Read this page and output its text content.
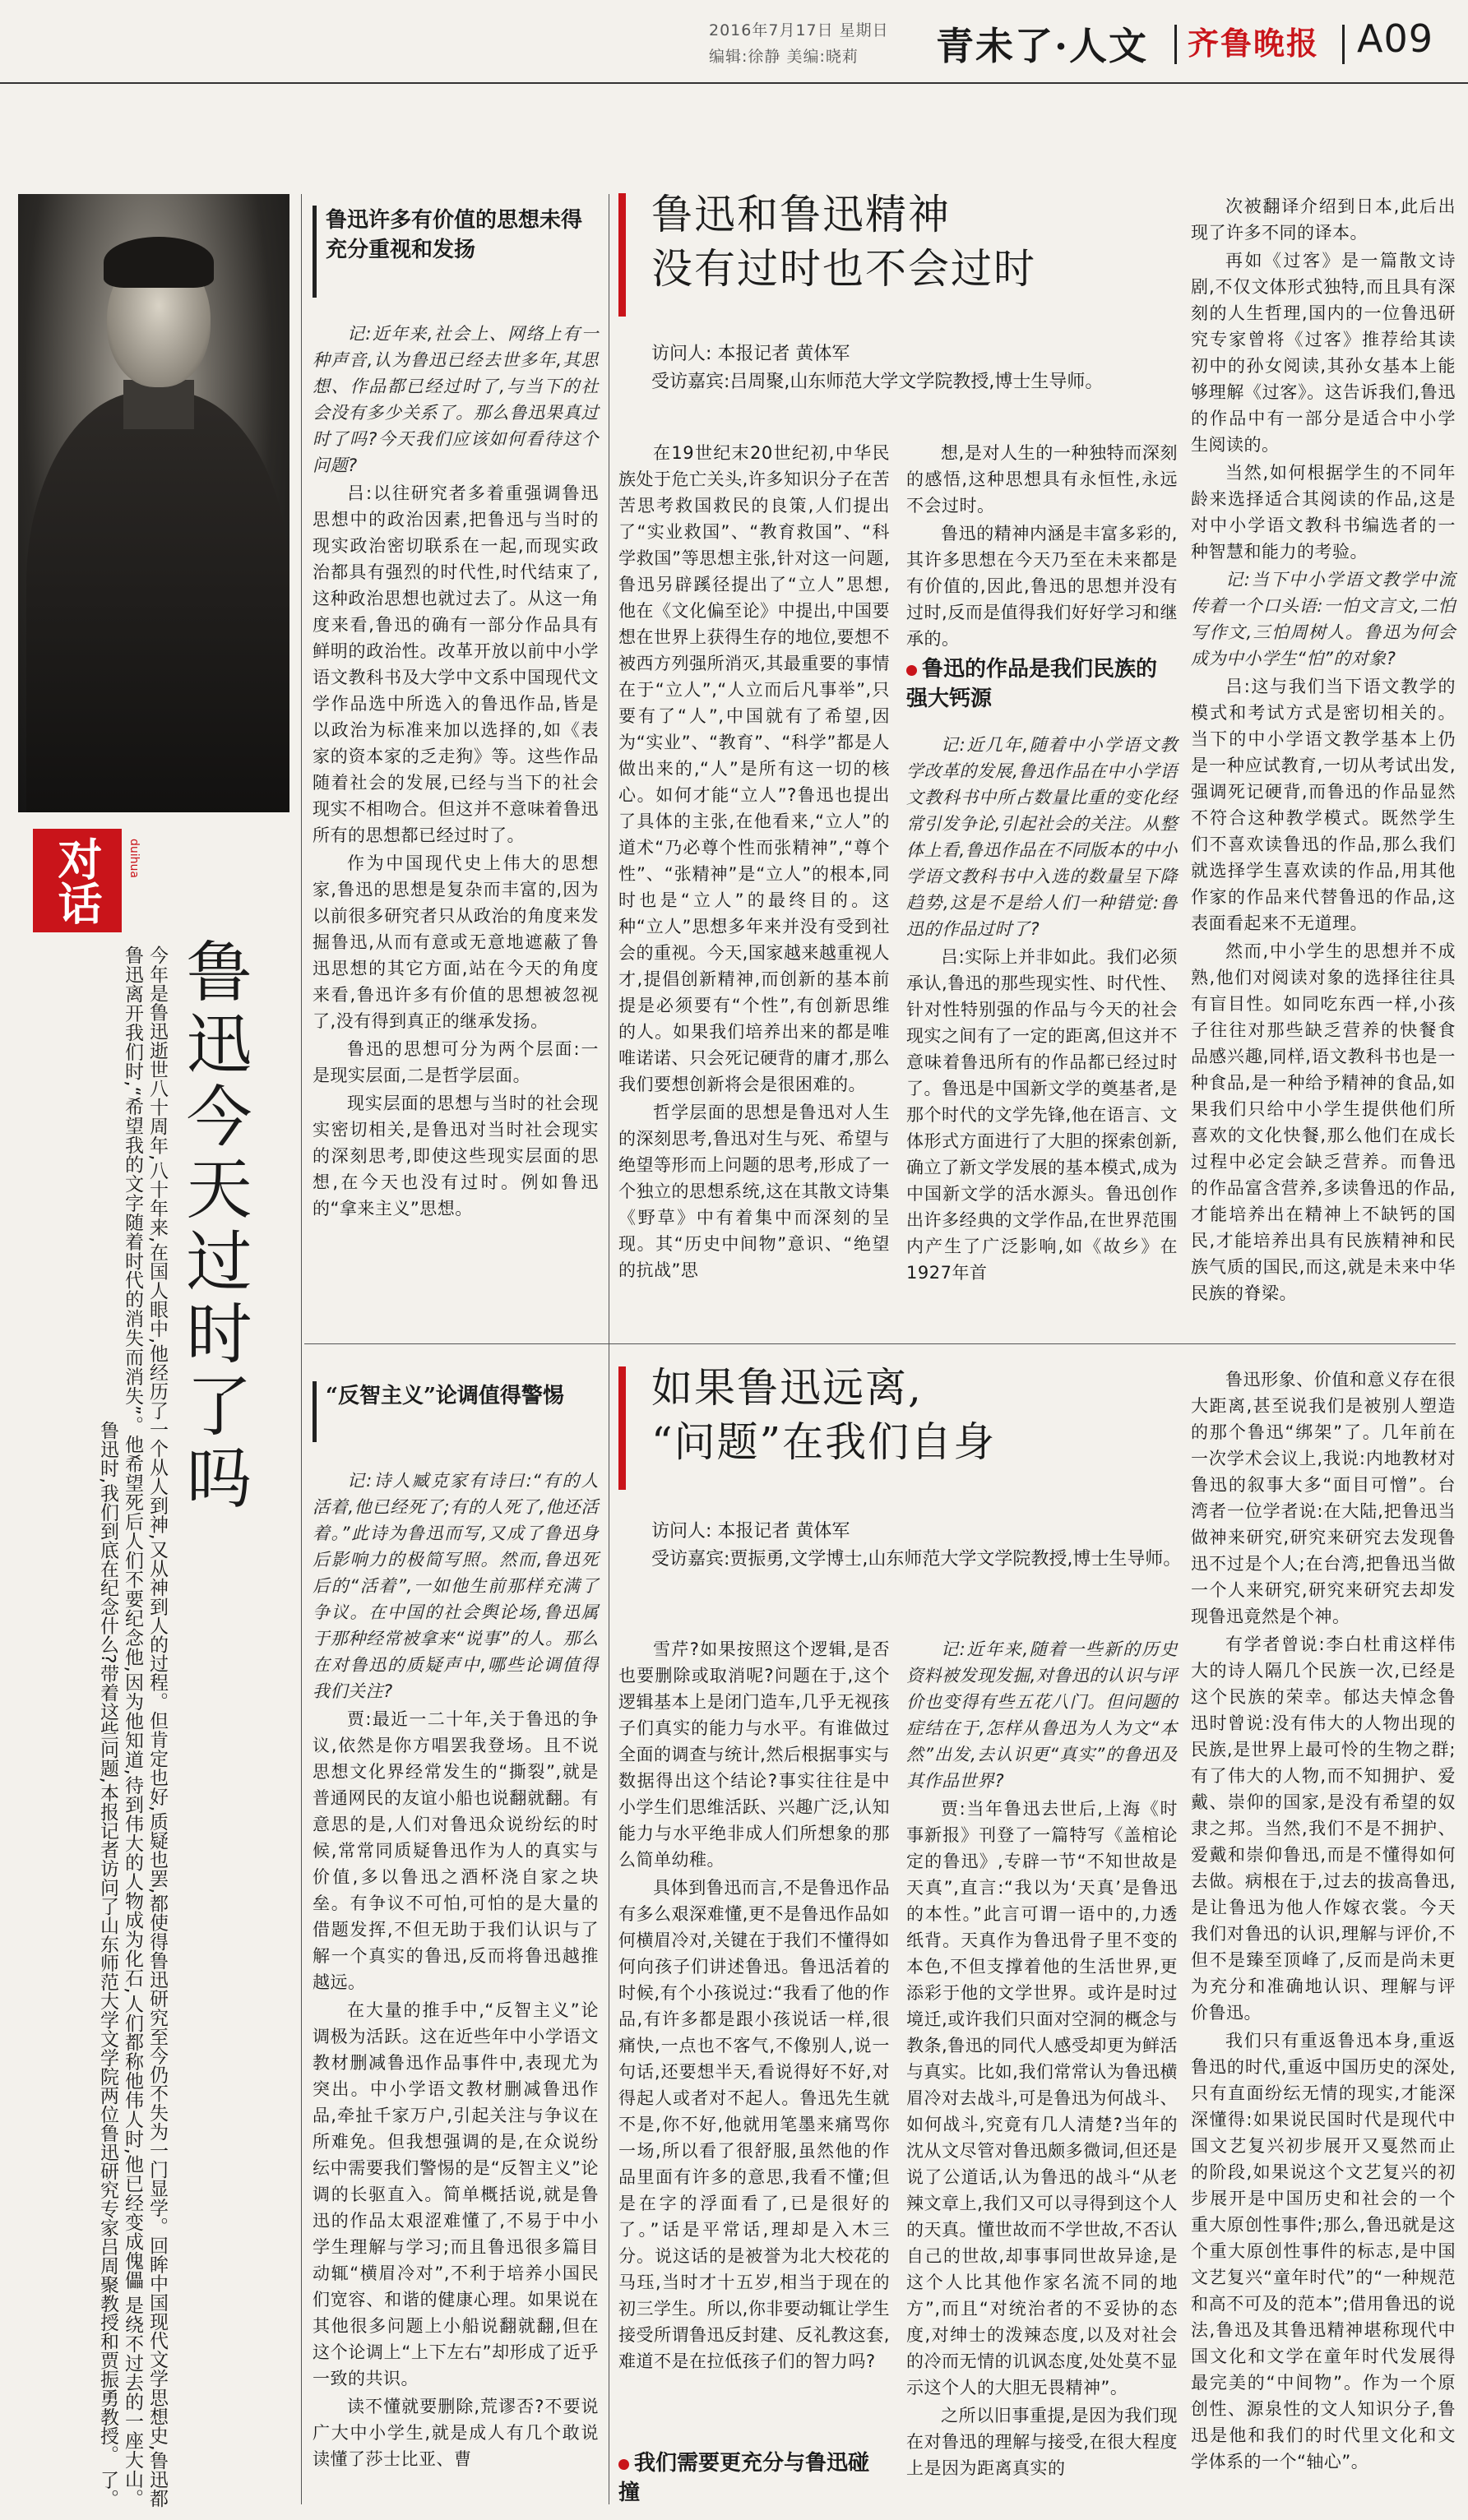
2016年7月17日 星期日
编辑:徐静 美编:晓莉 青未了·人文 齐鲁晚报 A09
对话	duihua
鲁迅今天过时了吗
今年是鲁迅逝世八十周年,八十年来,在国人眼中,他经历了一个从人到神,又从神到人的过程。但肯定也好,质疑也罢,都使得鲁迅研究至今仍不失为一门显学。回眸中国现代文学思想史,鲁迅都是绕不过去的一座大山。 鲁迅离开我们时,“希望我的文字随着时代的消失而消失”。他希望死后人们不要纪念他,因为他知道,待到伟大的人物成为化石,人们都称他伟人时,他已经变成傀儡了。 鲁迅时,我们到底在纪念什么?带着这些问题,本报记者访问了山东师范大学文学院两位鲁迅研究专家吕周聚教授和贾振勇教授。
鲁迅许多有价值的思想未得充分重视和发扬

记:近年来,社会上、网络上有一种声音,认为鲁迅已经去世多年,其思想、作品都已经过时了,与当下的社会没有多少关系了。那么鲁迅果真过时了吗?今天我们应该如何看待这个问题?

吕:以往研究者多着重强调鲁迅思想中的政治因素,把鲁迅与当时的现实政治密切联系在一起,而现实政治都具有强烈的时代性,时代结束了,这种政治思想也就过去了。从这一角度来看,鲁迅的确有一部分作品具有鲜明的政治性。改革开放以前中小学语文教科书及大学中文系中国现代文学作品选中所选入的鲁迅作品,皆是以政治为标准来加以选择的,如《表家的资本家的乏走狗》等。这些作品随着社会的发展,已经与当下的社会现实不相吻合。但这并不意味着鲁迅所有的思想都已经过时了。

作为中国现代史上伟大的思想家,鲁迅的思想是复杂而丰富的,因为以前很多研究者只从政治的角度来发掘鲁迅,从而有意或无意地遮蔽了鲁迅思想的其它方面,站在今天的角度来看,鲁迅许多有价值的思想被忽视了,没有得到真正的继承发扬。

鲁迅的思想可分为两个层面:一是现实层面,二是哲学层面。

现实层面的思想与当时的社会现实密切相关,是鲁迅对当时社会现实的深刻思考,即使这些现实层面的思想,在今天也没有过时。例如鲁迅的“拿来主义”思想。

鲁迅和鲁迅精神
没有过时也不会过时
访问人: 本报记者 黄体军
受访嘉宾:吕周聚,山东师范大学文学院教授,博士生导师。

在19世纪末20世纪初,中华民族处于危亡关头,许多知识分子在苦苦思考救国救民的良策,人们提出了“实业救国”、“教育救国”、“科学救国”等思想主张,针对这一问题,鲁迅另辟蹊径提出了“立人”思想,他在《文化偏至论》中提出,中国要想在世界上获得生存的地位,要想不被西方列强所消灭,其最重要的事情在于“立人”,“人立而后凡事举”,只要有了“人”,中国就有了希望,因为“实业”、“教育”、“科学”都是人做出来的,“人”是所有这一切的核心。如何才能“立人”?鲁迅也提出了具体的主张,在他看来,“立人”的道术“乃必尊个性而张精神”,“尊个性”、“张精神”是“立人”的根本,同时也是“立人”的最终目的。这种“立人”思想多年来并没有受到社会的重视。今天,国家越来越重视人才,提倡创新精神,而创新的基本前提是必须要有“个性”,有创新思维的人。如果我们培养出来的都是唯唯诺诺、只会死记硬背的庸才,那么我们要想创新将会是很困难的。

哲学层面的思想是鲁迅对人生的深刻思考,鲁迅对生与死、希望与绝望等形而上问题的思考,形成了一个独立的思想系统,这在其散文诗集《野草》中有着集中而深刻的呈现。其“历史中间物”意识、“绝望的抗战”思

想,是对人生的一种独特而深刻的感悟,这种思想具有永恒性,永远不会过时。

鲁迅的精神内涵是丰富多彩的,其许多思想在今天乃至在未来都是有价值的,因此,鲁迅的思想并没有过时,反而是值得我们好好学习和继承的。

鲁迅的作品是我们民族的强大钙源

记:近几年,随着中小学语文教学改革的发展,鲁迅作品在中小学语文教科书中所占数量比重的变化经常引发争论,引起社会的关注。从整体上看,鲁迅作品在不同版本的中小学语文教科书中入选的数量呈下降趋势,这是不是给人们一种错觉:鲁迅的作品过时了?

吕:实际上并非如此。我们必须承认,鲁迅的那些现实性、时代性、针对性特别强的作品与今天的社会现实之间有了一定的距离,但这并不意味着鲁迅所有的作品都已经过时了。鲁迅是中国新文学的奠基者,是那个时代的文学先锋,他在语言、文体形式方面进行了大胆的探索创新,确立了新文学发展的基本模式,成为中国新文学的活水源头。鲁迅创作出许多经典的文学作品,在世界范围内产生了广泛影响,如《故乡》在1927年首

次被翻译介绍到日本,此后出现了许多不同的译本。

再如《过客》是一篇散文诗剧,不仅文体形式独特,而且具有深刻的人生哲理,国内的一位鲁迅研究专家曾将《过客》推荐给其读初中的孙女阅读,其孙女基本上能够理解《过客》。这告诉我们,鲁迅的作品中有一部分是适合中小学生阅读的。

当然,如何根据学生的不同年龄来选择适合其阅读的作品,这是对中小学语文教科书编选者的一种智慧和能力的考验。

记:当下中小学语文教学中流传着一个口头语:一怕文言文,二怕写作文,三怕周树人。鲁迅为何会成为中小学生“怕”的对象?

吕:这与我们当下语文教学的模式和考试方式是密切相关的。当下的中小学语文教学基本上仍是一种应试教育,一切从考试出发,强调死记硬背,而鲁迅的作品显然不符合这种教学模式。既然学生们不喜欢读鲁迅的作品,那么我们就选择学生喜欢读的作品,用其他作家的作品来代替鲁迅的作品,这表面看起来不无道理。

然而,中小学生的思想并不成熟,他们对阅读对象的选择往往具有盲目性。如同吃东西一样,小孩子往往对那些缺乏营养的快餐食品感兴趣,同样,语文教科书也是一种食品,是一种给予精神的食品,如果我们只给中小学生提供他们所喜欢的文化快餐,那么他们在成长过程中必定会缺乏营养。而鲁迅的作品富含营养,多读鲁迅的作品,才能培养出在精神上不缺钙的国民,才能培养出具有民族精神和民族气质的国民,而这,就是未来中华民族的脊梁。

“反智主义”论调值得警惕

记:诗人臧克家有诗曰:“有的人活着,他已经死了;有的人死了,他还活着。”此诗为鲁迅而写,又成了鲁迅身后影响力的极简写照。然而,鲁迅死后的“活着”,一如他生前那样充满了争议。在中国的社会舆论场,鲁迅属于那种经常被拿来“说事”的人。那么在对鲁迅的质疑声中,哪些论调值得我们关注?

贾:最近一二十年,关于鲁迅的争议,依然是你方唱罢我登场。且不说思想文化界经常发生的“撕裂”,就是普通网民的友谊小船也说翻就翻。有意思的是,人们对鲁迅众说纷纭的时候,常常同质疑鲁迅作为人的真实与价值,多以鲁迅之酒杯浇自家之块垒。有争议不可怕,可怕的是大量的借题发挥,不但无助于我们认识与了解一个真实的鲁迅,反而将鲁迅越推越远。

在大量的推手中,“反智主义”论调极为活跃。这在近些年中小学语文教材删减鲁迅作品事件中,表现尤为突出。中小学语文教材删减鲁迅作品,牵扯千家万户,引起关注与争议在所难免。但我想强调的是,在众说纷纭中需要我们警惕的是“反智主义”论调的长驱直入。简单概括说,就是鲁迅的作品太艰涩难懂了,不易于中小学生理解与学习;而且鲁迅很多篇目动辄“横眉冷对”,不利于培养小国民们宽容、和谐的健康心理。如果说在其他很多问题上小船说翻就翻,但在这个论调上“上下左右”却形成了近乎一致的共识。

读不懂就要删除,荒谬否?不要说广大中小学生,就是成人有几个敢说读懂了莎士比亚、曹

如果鲁迅远离,
“问题”在我们自身
访问人: 本报记者 黄体军
受访嘉宾:贾振勇,文学博士,山东师范大学文学院教授,博士生导师。

雪芹?如果按照这个逻辑,是否也要删除或取消呢?问题在于,这个逻辑基本上是闭门造车,几乎无视孩子们真实的能力与水平。有谁做过全面的调查与统计,然后根据事实与数据得出这个结论?事实往往是中小学生们思维活跃、兴趣广泛,认知能力与水平绝非成人们所想象的那么简单幼稚。

具体到鲁迅而言,不是鲁迅作品有多么艰深难懂,更不是鲁迅作品如何横眉冷对,关键在于我们不懂得如何向孩子们讲述鲁迅。鲁迅活着的时候,有个小孩说过:“我看了他的作品,有许多都是跟小孩说话一样,很痛快,一点也不客气,不像别人,说一句话,还要想半天,看说得好不好,对得起人或者对不起人。鲁迅先生就不是,你不好,他就用笔墨来痛骂你一场,所以看了很舒服,虽然他的作品里面有许多的意思,我看不懂;但是在字的浮面看了,已是很好的了。”话是平常话,理却是入木三分。说这话的是被誉为北大校花的马珏,当时才十五岁,相当于现在的初三学生。所以,你非要动辄让学生接受所谓鲁迅反封建、反礼教这套,难道不是在拉低孩子们的智力吗?

我们需要更充分与鲁迅碰撞

记:近年来,随着一些新的历史资料被发现发掘,对鲁迅的认识与评价也变得有些五花八门。但问题的症结在于,怎样从鲁迅为人为文“本然”出发,去认识更“真实”的鲁迅及其作品世界?

贾:当年鲁迅去世后,上海《时事新报》刊登了一篇特写《盖棺论定的鲁迅》,专辟一节“不知世故是天真”,直言:“我以为‘天真’是鲁迅的本性。”此言可谓一语中的,力透纸背。天真作为鲁迅骨子里不变的本色,不但支撑着他的生活世界,更添彩于他的文学世界。或许是时过境迁,或许我们只面对空洞的概念与教条,鲁迅的同代人感受却更为鲜活与真实。比如,我们常常认为鲁迅横眉冷对去战斗,可是鲁迅为何战斗、如何战斗,究竟有几人清楚?当年的沈从文尽管对鲁迅颇多微词,但还是说了公道话,认为鲁迅的战斗“从老辣文章上,我们又可以寻得到这个人的天真。懂世故而不学世故,不否认自己的世故,却事事同世故异途,是这个人比其他作家名流不同的地方”,而且“对统治者的不妥协的态度,对绅士的泼辣态度,以及对社会的冷而无情的讥讽态度,处处莫不显示这个人的大胆无畏精神”。

之所以旧事重提,是因为我们现在对鲁迅的理解与接受,在很大程度上是因为距离真实的

鲁迅形象、价值和意义存在很大距离,甚至说我们是被别人塑造的那个鲁迅“绑架”了。几年前在一次学术会议上,我说:内地教材对鲁迅的叙事大多“面目可憎”。台湾者一位学者说:在大陆,把鲁迅当做神来研究,研究来研究去发现鲁迅不过是个人;在台湾,把鲁迅当做一个人来研究,研究来研究去却发现鲁迅竟然是个神。

有学者曾说:李白杜甫这样伟大的诗人隔几个民族一次,已经是这个民族的荣幸。郁达夫悼念鲁迅时曾说:没有伟大的人物出现的民族,是世界上最可怜的生物之群;有了伟大的人物,而不知拥护、爱戴、崇仰的国家,是没有希望的奴隶之邦。当然,我们不是不拥护、爱戴和崇仰鲁迅,而是不懂得如何去做。病根在于,过去的拔高鲁迅,是让鲁迅为他人作嫁衣裳。今天我们对鲁迅的认识,理解与评价,不但不是臻至顶峰了,反而是尚未更为充分和准确地认识、理解与评价鲁迅。

我们只有重返鲁迅本身,重返鲁迅的时代,重返中国历史的深处,只有直面纷纭无情的现实,才能深深懂得:如果说民国时代是现代中国文艺复兴初步展开又戛然而止的阶段,如果说这个文艺复兴的初步展开是中国历史和社会的一个重大原创性事件;那么,鲁迅就是这个重大原创性事件的标志,是中国文艺复兴“童年时代”的“一种规范和高不可及的范本”;借用鲁迅的说法,鲁迅及其鲁迅精神堪称现代中国文化和文学在童年时代发展得最完美的“中间物”。作为一个原创性、源泉性的文人知识分子,鲁迅是他和我们的时代里文化和文学体系的一个“轴心”。
